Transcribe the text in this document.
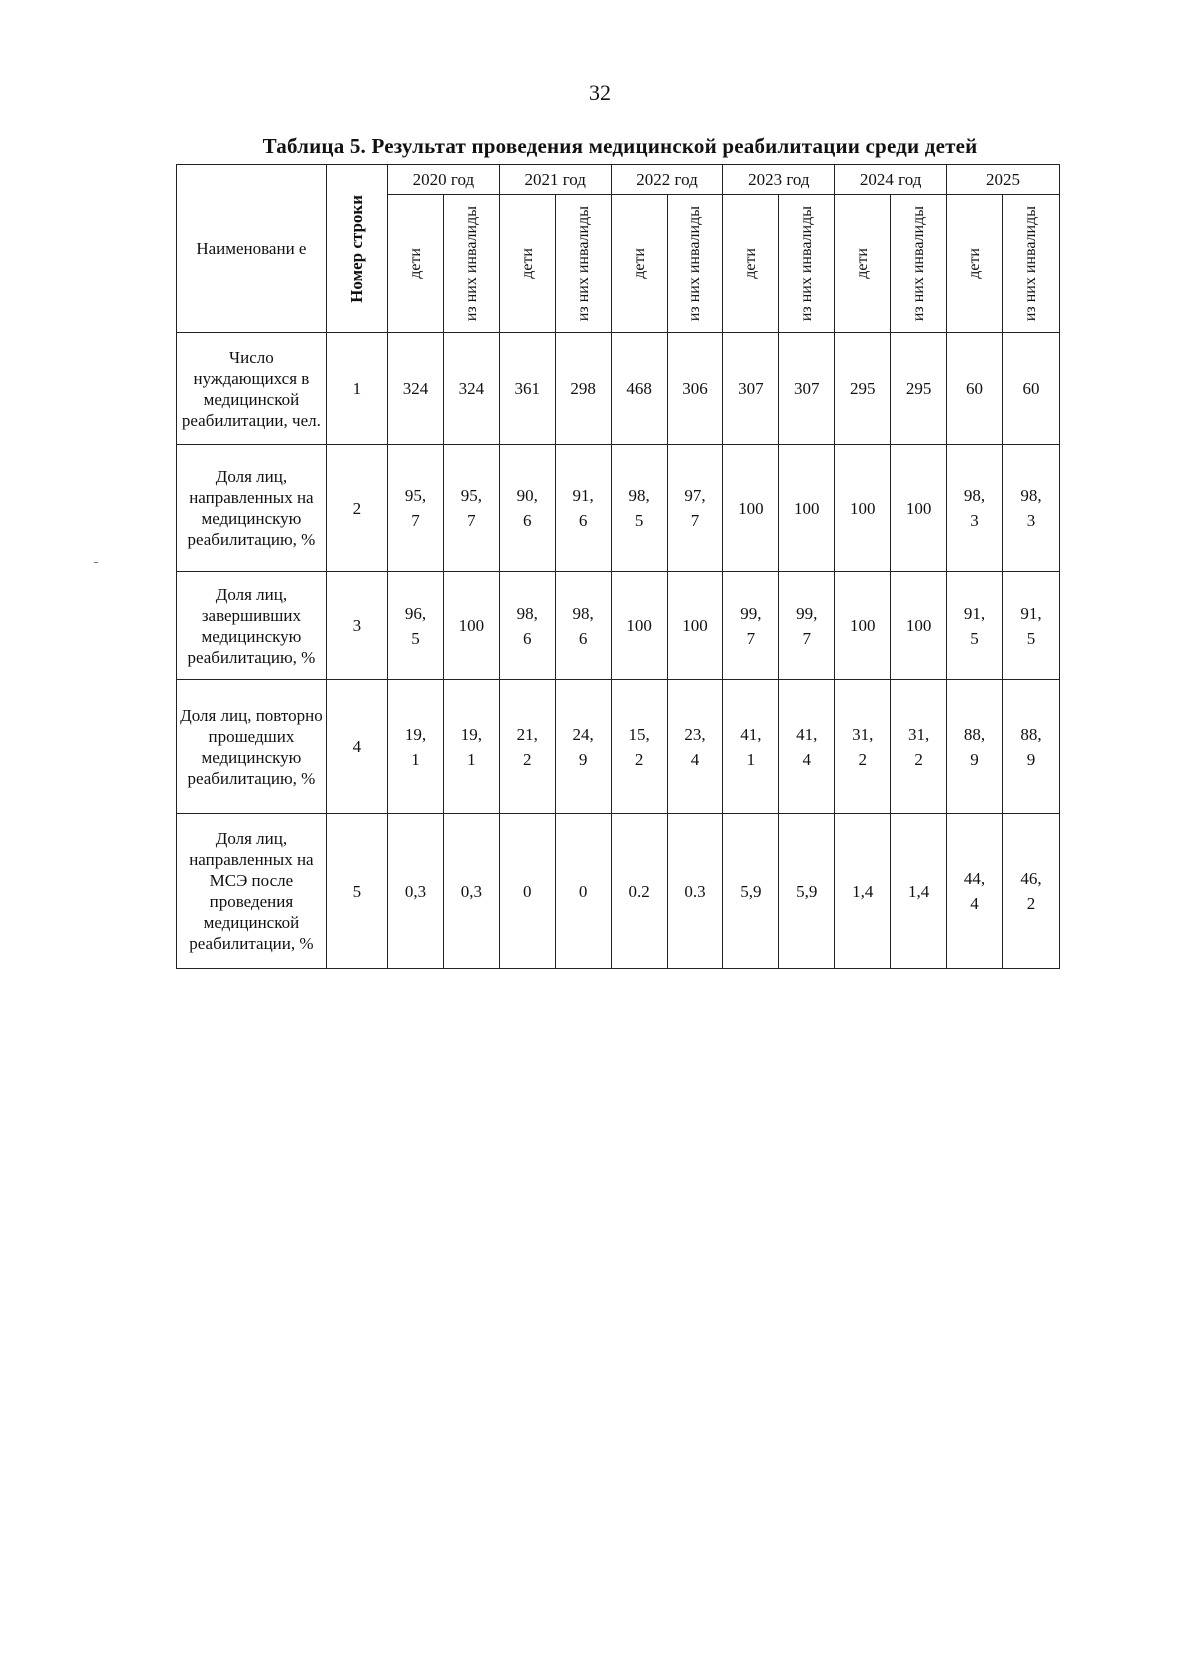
32
Таблица 5. Результат проведения медицинской реабилитации среди детей
Наименовани е	Номер строки	2020 год		2021 год		2022 год		2023 год		2024 год		2025	

		дети	из них инвалиды	дети	из них инвалиды	дети	из них инвалиды	дети	из них инвалиды	дети	из них инвалиды	дети	из них инвалиды

Число нуждающихся в медицинской реабилитации, чел.	1	324	324	361	298	468	306	307	307	295	295	60	60
Доля лиц, направленных на медицинскую реабилитацию, %	2	95,
7	95,
7	90,
6	91,
6	98,
5	97,
7	100	100	100	100	98,
3	98,
3
Доля лиц, завершивших медицинскую реабилитацию, %	3	96,
5	100	98,
6	98,
6	100	100	99,
7	99,
7	100	100	91,
5	91,
5
Доля лиц, повторно прошедших медицинскую реабилитацию, %	4	19,
1	19,
1	21,
2	24,
9	15,
2	23,
4	41,
1	41,
4	31,
2	31,
2	88,
9	88,
9
Доля лиц, направленных на МСЭ после проведения медицинской реабилитации, %	5	0,3	0,3	0	0	0.2	0.3	5,9	5,9	1,4	1,4	44,
4	46,
2
